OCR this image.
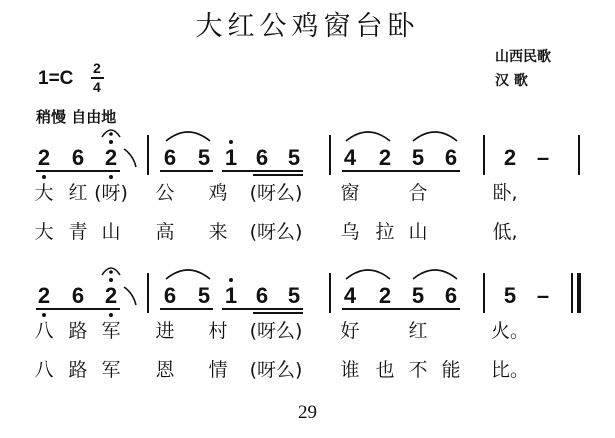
大红公鸡窗台卧
山西民歌
汉 歌
1=C 2
4
稍慢 自由地
2 6 2 6 5 1 6 5 4 2 5 6 2 –
大 红 (呀) 公 鸡 (呀么) 窗	合	卧,
大 青 山 高 来 (呀么) 乌 拉 山	低,
2 6 2 6 5 1 6 5 4 2 5 6 5 –
八 路 军 进 村 (呀么) 好	红	火。
八 路 军 恩 情 (呀么) 谁 也 不 能 比。
29
